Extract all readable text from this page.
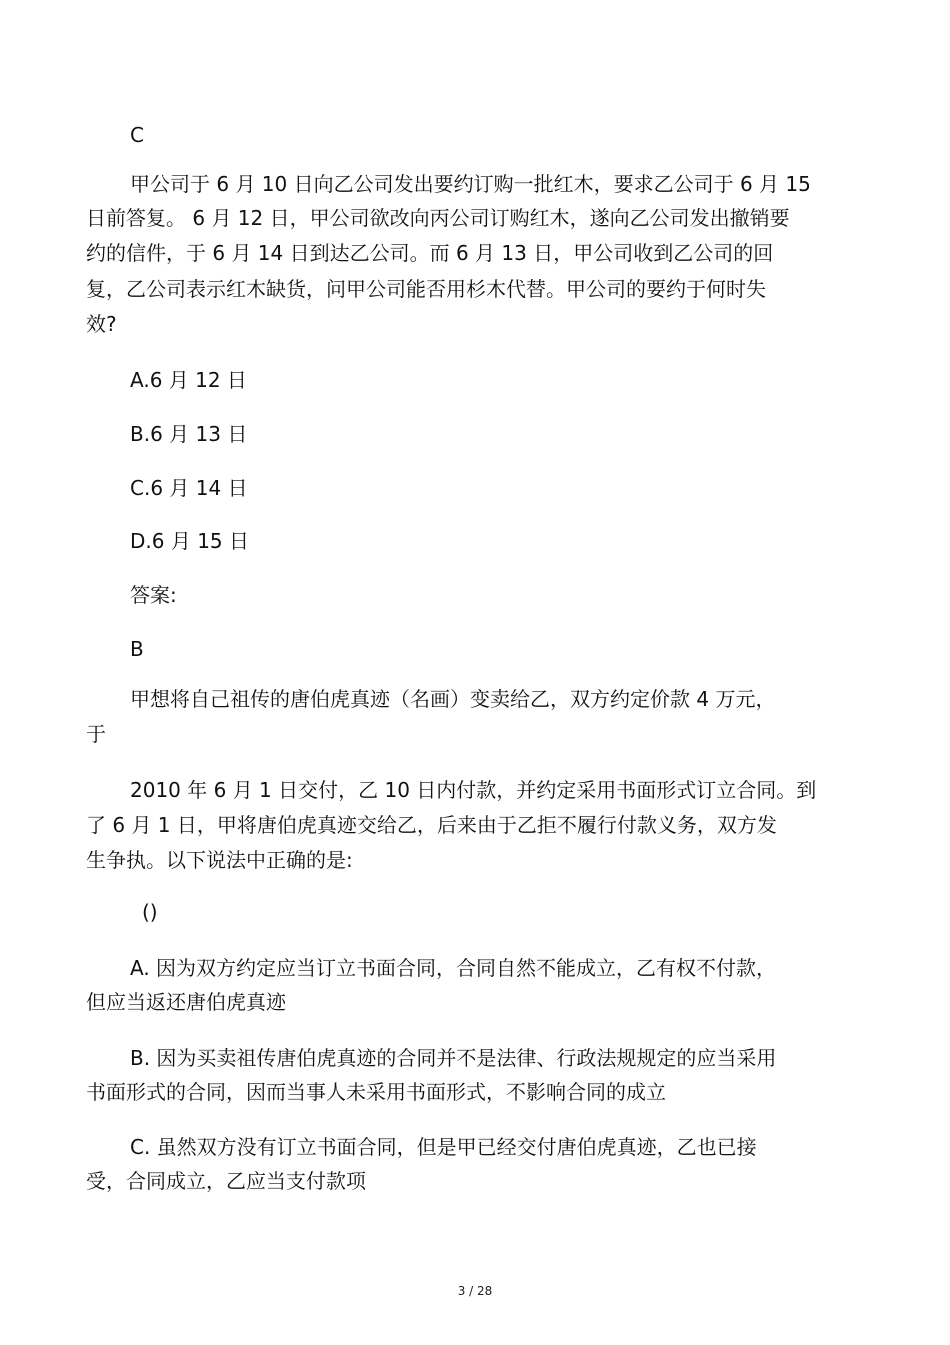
C
甲公司于 6 月 10 日向乙公司发出要约订购一批红木，要求乙公司于 6 月 15
日前答复。 6 月 12 日，甲公司欲改向丙公司订购红木，遂向乙公司发出撤销要
约的信件，于 6 月 14 日到达乙公司。而 6 月 13 日，甲公司收到乙公司的回
复，乙公司表示红木缺货，问甲公司能否用杉木代替。甲公司的要约于何时失
效?
A.6 月 12 日
B.6 月 13 日
C.6 月 14 日
D.6 月 15 日
答案:
B
甲想将自己祖传的唐伯虎真迹（名画）变卖给乙，双方约定价款 4 万元，
于
2010 年 6 月 1 日交付，乙 10 日内付款，并约定采用书面形式订立合同。到
了 6 月 1 日，甲将唐伯虎真迹交给乙，后来由于乙拒不履行付款义务，双方发
生争执。以下说法中正确的是:
()
A. 因为双方约定应当订立书面合同，合同自然不能成立，乙有权不付款，
但应当返还唐伯虎真迹
B. 因为买卖祖传唐伯虎真迹的合同并不是法律、行政法规规定的应当采用
书面形式的合同，因而当事人未采用书面形式，不影响合同的成立
C. 虽然双方没有订立书面合同，但是甲已经交付唐伯虎真迹，乙也已接
受，合同成立，乙应当支付款项
3 / 28
